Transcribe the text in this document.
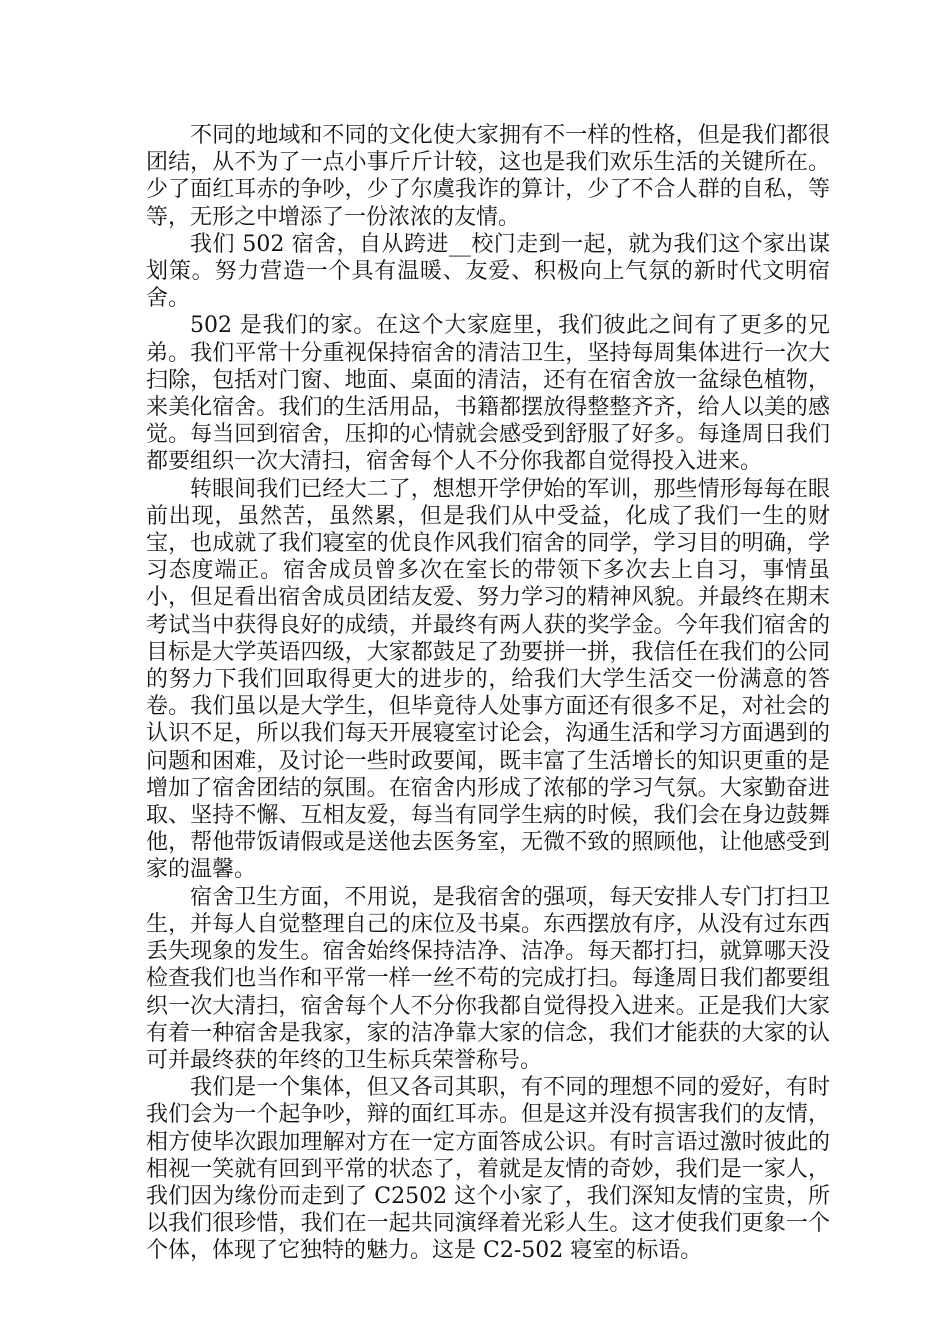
不同的地域和不同的文化使大家拥有不一样的性格，但是我们都很团结，从不为了一点小事斤斤计较，这也是我们欢乐生活的关键所在。少了面红耳赤的争吵，少了尔虞我诈的算计，少了不合人群的自私，等等，无形之中增添了一份浓浓的友情。

我们 502 宿舍，自从跨进__校门走到一起，就为我们这个家出谋划策。努力营造一个具有温暖、友爱、积极向上气氛的新时代文明宿舍。

502 是我们的家。在这个大家庭里，我们彼此之间有了更多的兄弟。我们平常十分重视保持宿舍的清洁卫生，坚持每周集体进行一次大扫除，包括对门窗、地面、桌面的清洁，还有在宿舍放一盆绿色植物，来美化宿舍。我们的生活用品，书籍都摆放得整整齐齐，给人以美的感觉。每当回到宿舍，压抑的心情就会感受到舒服了好多。每逢周日我们都要组织一次大清扫，宿舍每个人不分你我都自觉得投入进来。

转眼间我们已经大二了，想想开学伊始的军训，那些情形每每在眼前出现，虽然苦，虽然累，但是我们从中受益，化成了我们一生的财宝，也成就了我们寝室的优良作风我们宿舍的同学，学习目的明确，学习态度端正。宿舍成员曾多次在室长的带领下多次去上自习，事情虽小，但足看出宿舍成员团结友爱、努力学习的精神风貌。并最终在期末考试当中获得良好的成绩，并最终有两人获的奖学金。今年我们宿舍的目标是大学英语四级，大家都鼓足了劲要拼一拼，我信任在我们的公同的努力下我们回取得更大的进步的，给我们大学生活交一份满意的答卷。我们虽以是大学生，但毕竟待人处事方面还有很多不足，对社会的认识不足，所以我们每天开展寝室讨论会，沟通生活和学习方面遇到的问题和困难，及讨论一些时政要闻，既丰富了生活增长的知识更重的是增加了宿舍团结的氛围。在宿舍内形成了浓郁的学习气氛。大家勤奋进取、坚持不懈、互相友爱，每当有同学生病的时候，我们会在身边鼓舞他，帮他带饭请假或是送他去医务室，无微不致的照顾他，让他感受到家的温馨。

宿舍卫生方面，不用说，是我宿舍的强项，每天安排人专门打扫卫生，并每人自觉整理自己的床位及书桌。东西摆放有序，从没有过东西丢失现象的发生。宿舍始终保持洁净、洁净。每天都打扫，就算哪天没检查我们也当作和平常一样一丝不苟的完成打扫。每逢周日我们都要组织一次大清扫，宿舍每个人不分你我都自觉得投入进来。正是我们大家有着一种宿舍是我家，家的洁净靠大家的信念，我们才能获的大家的认可并最终获的年终的卫生标兵荣誉称号。

我们是一个集体，但又各司其职，有不同的理想不同的爱好，有时我们会为一个起争吵，辩的面红耳赤。但是这并没有损害我们的友情，相方使毕次跟加理解对方在一定方面答成公识。有时言语过激时彼此的相视一笑就有回到平常的状态了，着就是友情的奇妙，我们是一家人，我们因为缘份而走到了 C2502 这个小家了，我们深知友情的宝贵，所以我们很珍惜，我们在一起共同演绎着光彩人生。这才使我们更象一个个体，体现了它独特的魅力。这是 C2-502 寝室的标语。
